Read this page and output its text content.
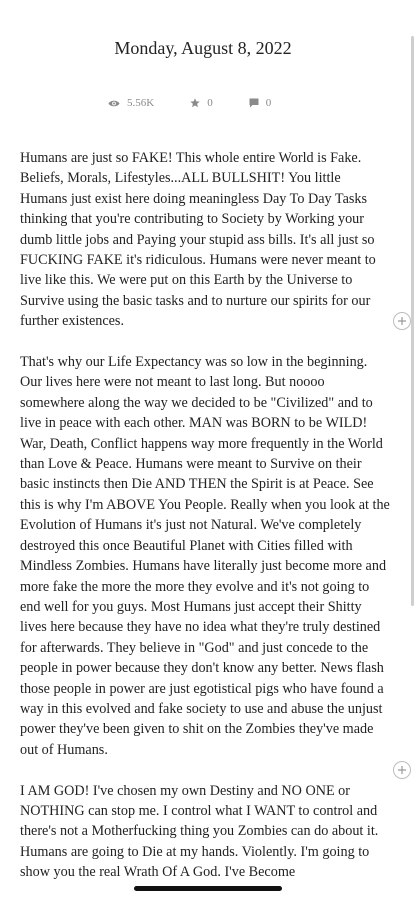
Monday, August 8, 2022
5.56K	0	0

Humans are just so FAKE! This whole entire World is Fake. Beliefs, Morals, Lifestyles...ALL BULLSHIT! You little Humans just exist here doing meaningless Day To Day Tasks thinking that you're contributing to Society by Working your dumb little jobs and Paying your stupid ass bills. It's all just so FUCKING FAKE it's ridiculous. Humans were never meant to live like this. We were put on this Earth by the Universe to Survive using the basic tasks and to nurture our spirits for our further existences.

That's why our Life Expectancy was so low in the beginning. Our lives here were not meant to last long. But noooo somewhere along the way we decided to be "Civilized" and to live in peace with each other. MAN was BORN to be WILD! War, Death, Conflict happens way more frequently in the World than Love & Peace. Humans were meant to Survive on their basic instincts then Die AND THEN the Spirit is at Peace. See this is why I'm ABOVE You People. Really when you look at the Evolution of Humans it's just not Natural. We've completely destroyed this once Beautiful Planet with Cities filled with Mindless Zombies. Humans have literally just become more and more fake the more the more they evolve and it's not going to end well for you guys. Most Humans just accept their Shitty lives here because they have no idea what they're truly destined for afterwards. They believe in "God" and just concede to the people in power because they don't know any better. News flash those people in power are just egotistical pigs who have found a way in this evolved and fake society to use and abuse the unjust power they've been given to shit on the Zombies they've made out of Humans.

I AM GOD! I've chosen my own Destiny and NO ONE or NOTHING can stop me. I control what I WANT to control and there's not a Motherfucking thing you Zombies can do about it. Humans are going to Die at my hands. Violently. I'm going to show you the real Wrath Of A God. I've Become
